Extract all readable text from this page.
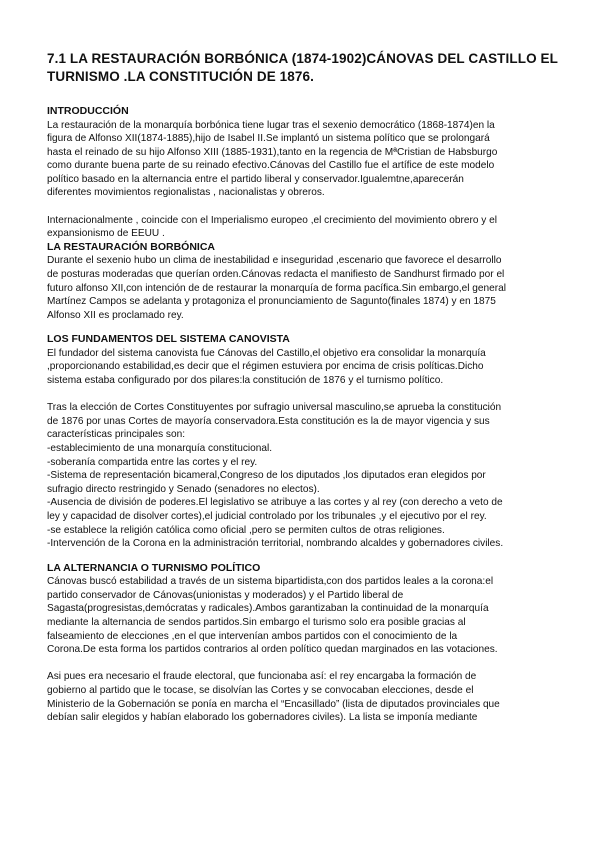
7.1 LA RESTAURACIÓN BORBÓNICA (1874-1902)CÁNOVAS DEL CASTILLO EL TURNISMO .LA CONSTITUCIÓN DE 1876.
INTRODUCCIÓN

La restauración de la monarquía borbónica tiene lugar tras el sexenio democrático (1868-1874)en la
figura de Alfonso XII(1874-1885),hijo de Isabel II.Se implantó un sistema político que se prolongará
hasta el reinado de su hijo Alfonso XIII (1885-1931),tanto en la regencia de MªCristian de Habsburgo
como durante buena parte de su reinado efectivo.Cánovas del Castillo fue el artífice de este modelo
político basado en la alternancia entre el partido liberal y conservador.Igualemtne,aparecerán
diferentes movimientos regionalistas , nacionalistas y obreros.

Internacionalmente , coincide con el Imperialismo europeo ,el crecimiento del movimiento obrero y el
expansionismo de EEUU .

LA RESTAURACIÓN BORBÓNICA

Durante el sexenio hubo un clima de inestabilidad e inseguridad ,escenario que favorece el desarrollo
de posturas moderadas que querían orden.Cánovas redacta el manifiesto de Sandhurst firmado por el
futuro alfonso XII,con intención de de restaurar la monarquía de forma pacífica.Sin embargo,el general
Martínez Campos se adelanta y protagoniza el pronunciamiento de Sagunto(finales 1874) y en 1875
Alfonso XII es proclamado rey.

LOS FUNDAMENTOS DEL SISTEMA CANOVISTA

El fundador del sistema canovista fue Cánovas del Castillo,el objetivo era consolidar la monarquía
,proporcionando estabilidad,es decir que el régimen estuviera por encima de crisis políticas.Dicho
sistema estaba configurado por dos pilares:la constitución de 1876 y el turnismo político.

Tras la elección de Cortes Constituyentes por sufragio universal masculino,se aprueba la constitución
de 1876 por unas Cortes de mayoría conservadora.Esta constitución es la de mayor vigencia y sus
características principales son:
-establecimiento de una monarquía constitucional.
-soberanía compartida entre las cortes y el rey.
-Sistema de representación bicameral,Congreso de los diputados ,los diputados eran elegidos por
sufragio directo restringido y Senado (senadores no electos).
-Ausencia de división de poderes.El legislativo se atribuye a las cortes y al rey (con derecho a veto de
ley y capacidad de disolver cortes),el judicial controlado por los tribunales ,y el ejecutivo por el rey.
-se establece la religión católica como oficial ,pero se permiten cultos de otras religiones.
-Intervención de la Corona en la administración territorial, nombrando alcaldes y gobernadores civiles.

LA ALTERNANCIA O TURNISMO POLÍTICO

Cánovas buscó estabilidad a través de un sistema bipartidista,con dos partidos leales a la corona:el
partido conservador de Cánovas(unionistas y moderados) y el Partido liberal de
Sagasta(progresistas,demócratas y radicales).Ambos garantizaban la continuidad de la monarquía
mediante la alternancia de sendos partidos.Sin embargo el turismo solo era posible gracias al
falseamiento de elecciones ,en el que intervenían ambos partidos con el conocimiento de la
Corona.De esta forma los partidos contrarios al orden político quedan marginados en las votaciones.

Asi pues era necesario el fraude electoral, que funcionaba así: el rey encargaba la formación de
gobierno al partido que le tocase, se disolvían las Cortes y se convocaban elecciones, desde el
Ministerio de la Gobernación se ponía en marcha el “Encasillado” (lista de diputados provinciales que
debían salir elegidos y habían elaborado los gobernadores civiles). La lista se imponía mediante
